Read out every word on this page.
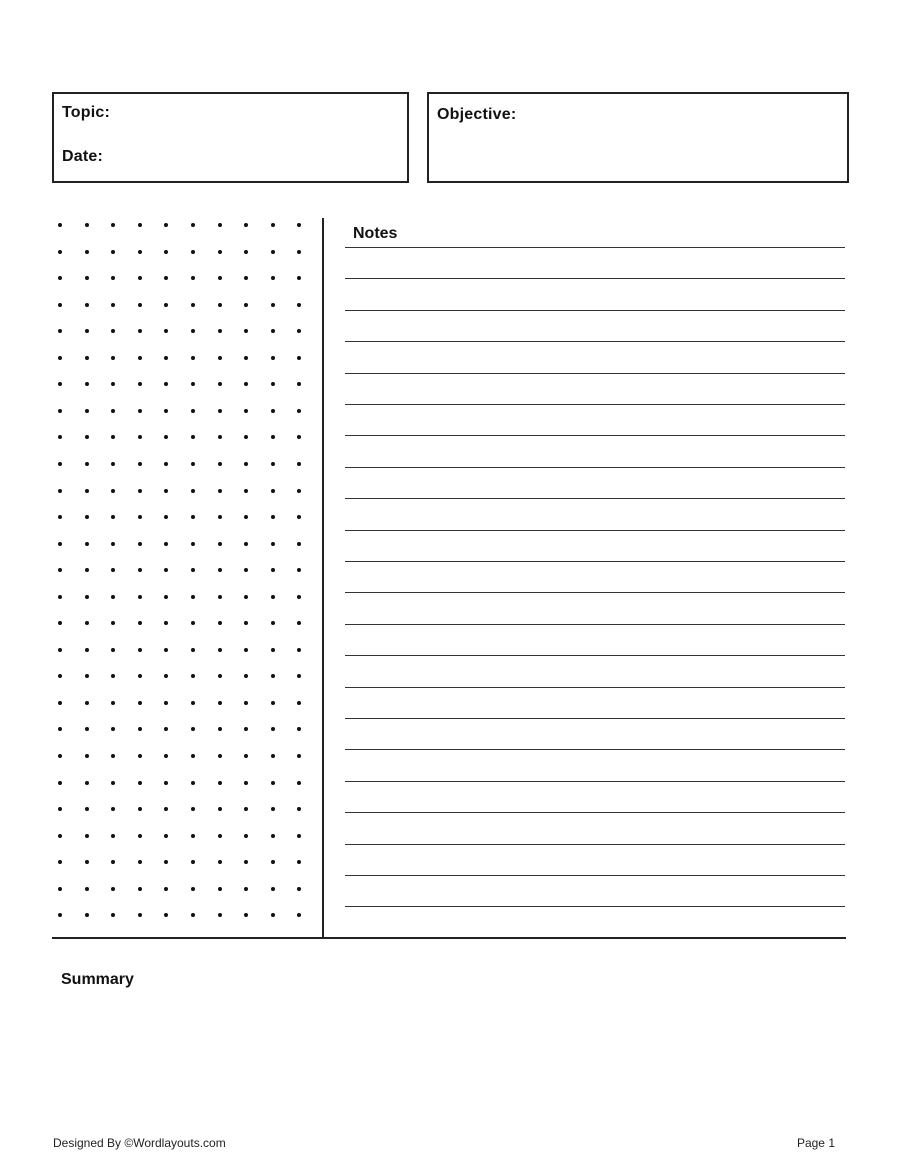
Topic:
Date:
Objective:
Notes
Summary
Designed By ©Wordlayouts.com	Page 1
